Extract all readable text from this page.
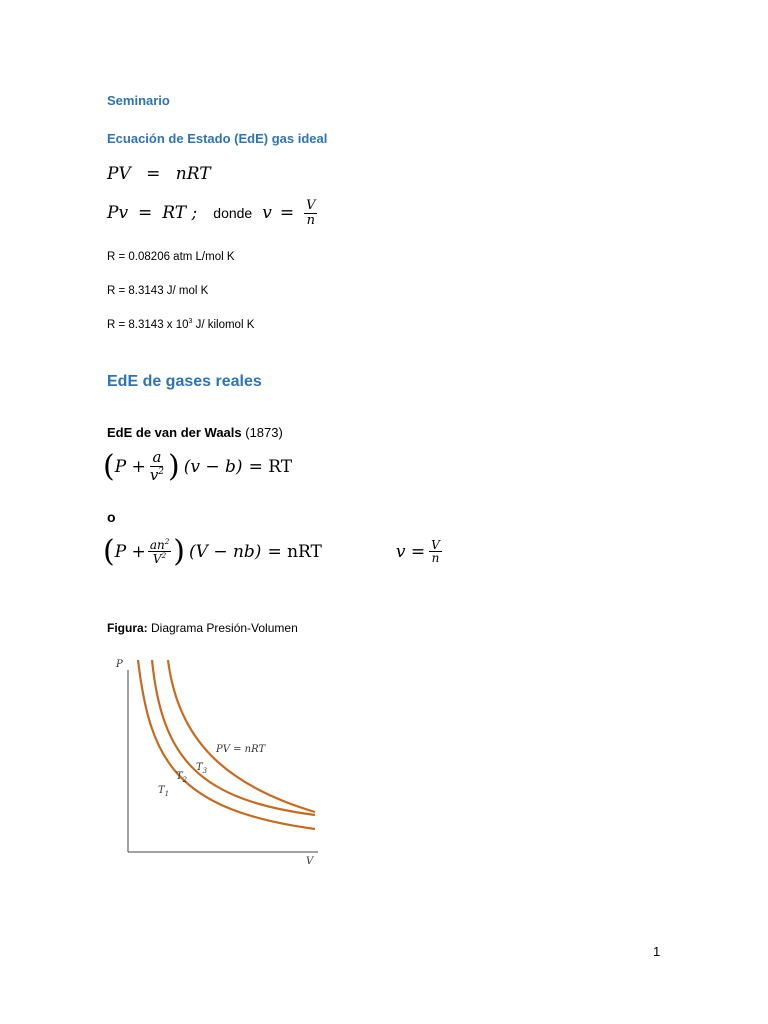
Seminario
Ecuación de Estado (EdE) gas ideal
PV = nRT
Pv = RT ; donde $v = \frac{V}{n}$
R = 0.08206 atm L/mol K
R = 8.3143 J/ mol K
R = 8.3143 x $10^3$ J/ kilomol K
EdE de gases reales
EdE de van der Waals (1873)
( $P + \frac{a}{v^2}$ ) (v − b) = RT
o
( $P + \frac{an^2}{V^2}$ ) (V − nb) = nRT	$v = \frac{V}{n}$
Figura: Diagrama Presión-Volumen
P
V
PV = nRT
$T_1$
$T_2$
$T_3$
1
